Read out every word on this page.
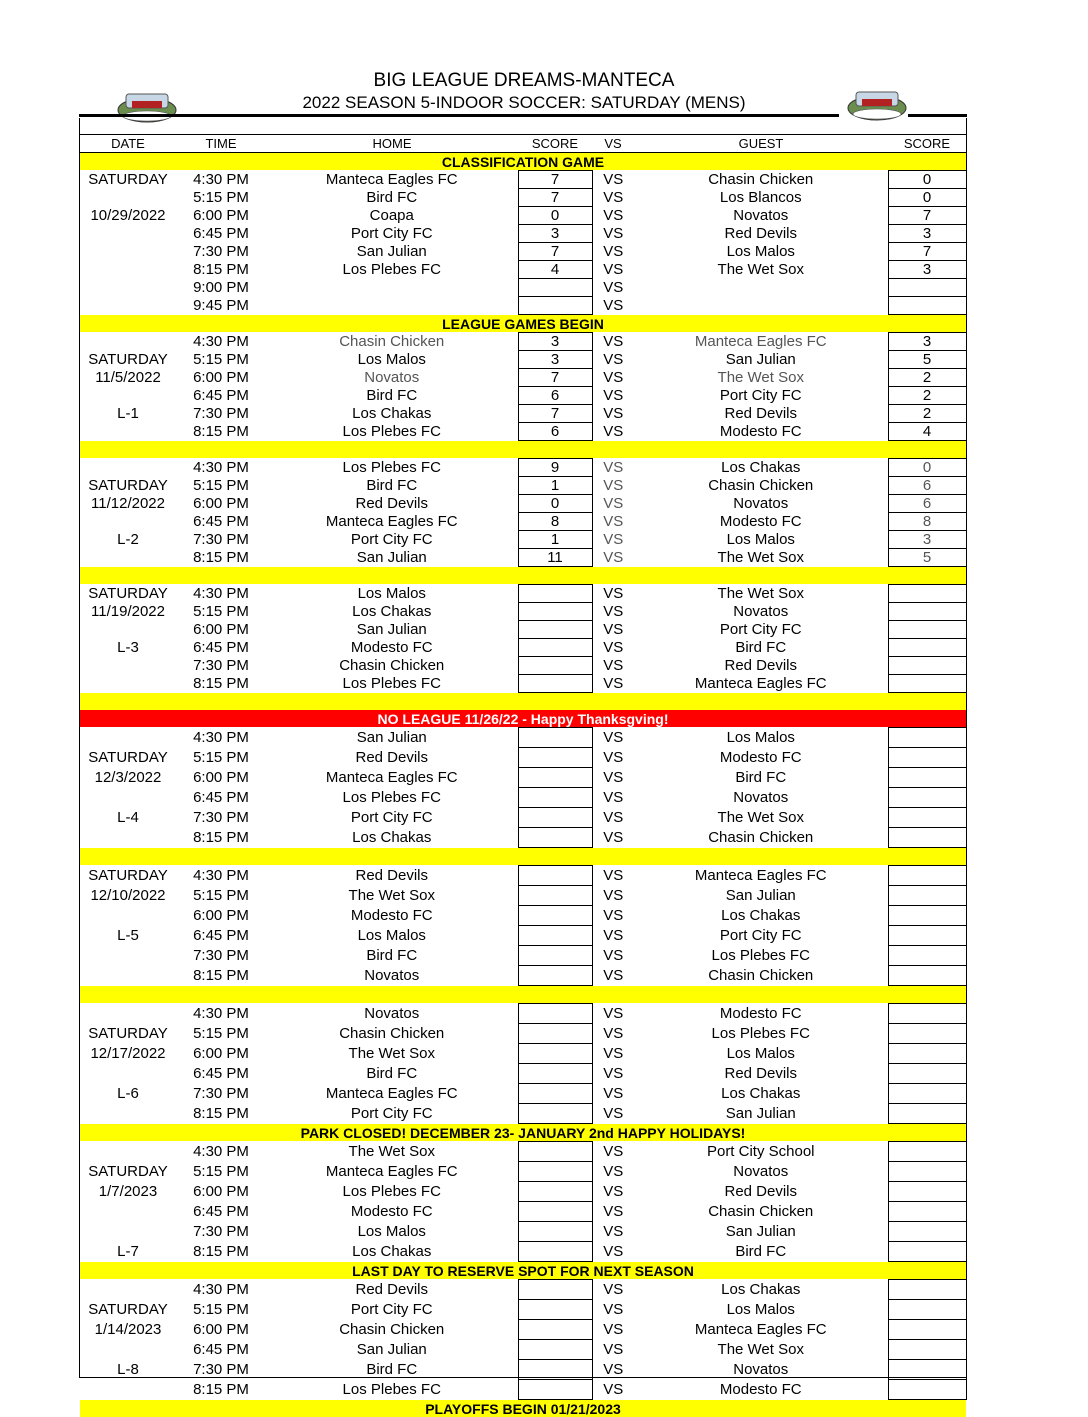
BIG LEAGUE DREAMS-MANTECA
2022 SEASON 5-INDOOR SOCCER: SATURDAY (MENS)
DATE	TIME	HOME	SCORE	VS	GUEST	SCORE
CLASSIFICATION GAME						
SATURDAY	4:30 PM	Manteca Eagles FC	7	VS	Chasin Chicken	0
	5:15 PM	Bird FC	7	VS	Los Blancos	0
10/29/2022	6:00 PM	Coapa	0	VS	Novatos	7
	6:45 PM	Port City FC	3	VS	Red Devils	3
	7:30 PM	San Julian	7	VS	Los Malos	7
	8:15 PM	Los Plebes FC	4	VS	The Wet Sox	3
	9:00 PM			VS		
	9:45 PM			VS		
LEAGUE GAMES BEGIN						
	4:30 PM	Chasin Chicken	3	VS	Manteca Eagles FC	3
SATURDAY	5:15 PM	Los Malos	3	VS	San Julian	5
11/5/2022	6:00 PM	Novatos	7	VS	The Wet Sox	2
	6:45 PM	Bird FC	6	VS	Port City FC	2
L-1	7:30 PM	Los Chakas	7	VS	Red Devils	2
	8:15 PM	Los Plebes FC	6	VS	Modesto FC	4

	4:30 PM	Los Plebes FC	9	VS	Los Chakas	0
SATURDAY	5:15 PM	Bird FC	1	VS	Chasin Chicken	6
11/12/2022	6:00 PM	Red Devils	0	VS	Novatos	6
	6:45 PM	Manteca Eagles FC	8	VS	Modesto FC	8
L-2	7:30 PM	Port City FC	1	VS	Los Malos	3
	8:15 PM	San Julian	11	VS	The Wet Sox	5

SATURDAY	4:30 PM	Los Malos		VS	The Wet Sox	
11/19/2022	5:15 PM	Los Chakas		VS	Novatos	
	6:00 PM	San Julian		VS	Port City FC	
L-3	6:45 PM	Modesto FC		VS	Bird FC	
	7:30 PM	Chasin Chicken		VS	Red Devils	
	8:15 PM	Los Plebes FC		VS	Manteca Eagles FC	

NO LEAGUE 11/26/22 - Happy Thanksgving!						
	4:30 PM	San Julian		VS	Los Malos	
SATURDAY	5:15 PM	Red Devils		VS	Modesto FC	
12/3/2022	6:00 PM	Manteca Eagles FC		VS	Bird FC	
	6:45 PM	Los Plebes FC		VS	Novatos	
L-4	7:30 PM	Port City FC		VS	The Wet Sox	
	8:15 PM	Los Chakas		VS	Chasin Chicken	

SATURDAY	4:30 PM	Red Devils		VS	Manteca Eagles FC	
12/10/2022	5:15 PM	The Wet Sox		VS	San Julian	
	6:00 PM	Modesto FC		VS	Los Chakas	
L-5	6:45 PM	Los Malos		VS	Port City FC	
	7:30 PM	Bird FC		VS	Los Plebes FC	
	8:15 PM	Novatos		VS	Chasin Chicken	

	4:30 PM	Novatos		VS	Modesto FC	
SATURDAY	5:15 PM	Chasin Chicken		VS	Los Plebes FC	
12/17/2022	6:00 PM	The Wet Sox		VS	Los Malos	
	6:45 PM	Bird FC		VS	Red Devils	
L-6	7:30 PM	Manteca Eagles FC		VS	Los Chakas	
	8:15 PM	Port City FC		VS	San Julian	
PARK CLOSED! DECEMBER 23- JANUARY 2nd HAPPY HOLIDAYS!						
	4:30 PM	The Wet Sox		VS	Port City School	
SATURDAY	5:15 PM	Manteca Eagles FC		VS	Novatos	
1/7/2023	6:00 PM	Los Plebes FC		VS	Red Devils	
	6:45 PM	Modesto FC		VS	Chasin Chicken	
	7:30 PM	Los Malos		VS	San Julian	
L-7	8:15 PM	Los Chakas		VS	Bird FC	
LAST DAY TO RESERVE SPOT FOR NEXT SEASON						
	4:30 PM	Red Devils		VS	Los Chakas	
SATURDAY	5:15 PM	Port City FC		VS	Los Malos	
1/14/2023	6:00 PM	Chasin Chicken		VS	Manteca Eagles FC	
	6:45 PM	San Julian		VS	The Wet Sox	
L-8	7:30 PM	Bird FC		VS	Novatos	
	8:15 PM	Los Plebes FC		VS	Modesto FC	
PLAYOFFS BEGIN 01/21/2023						
